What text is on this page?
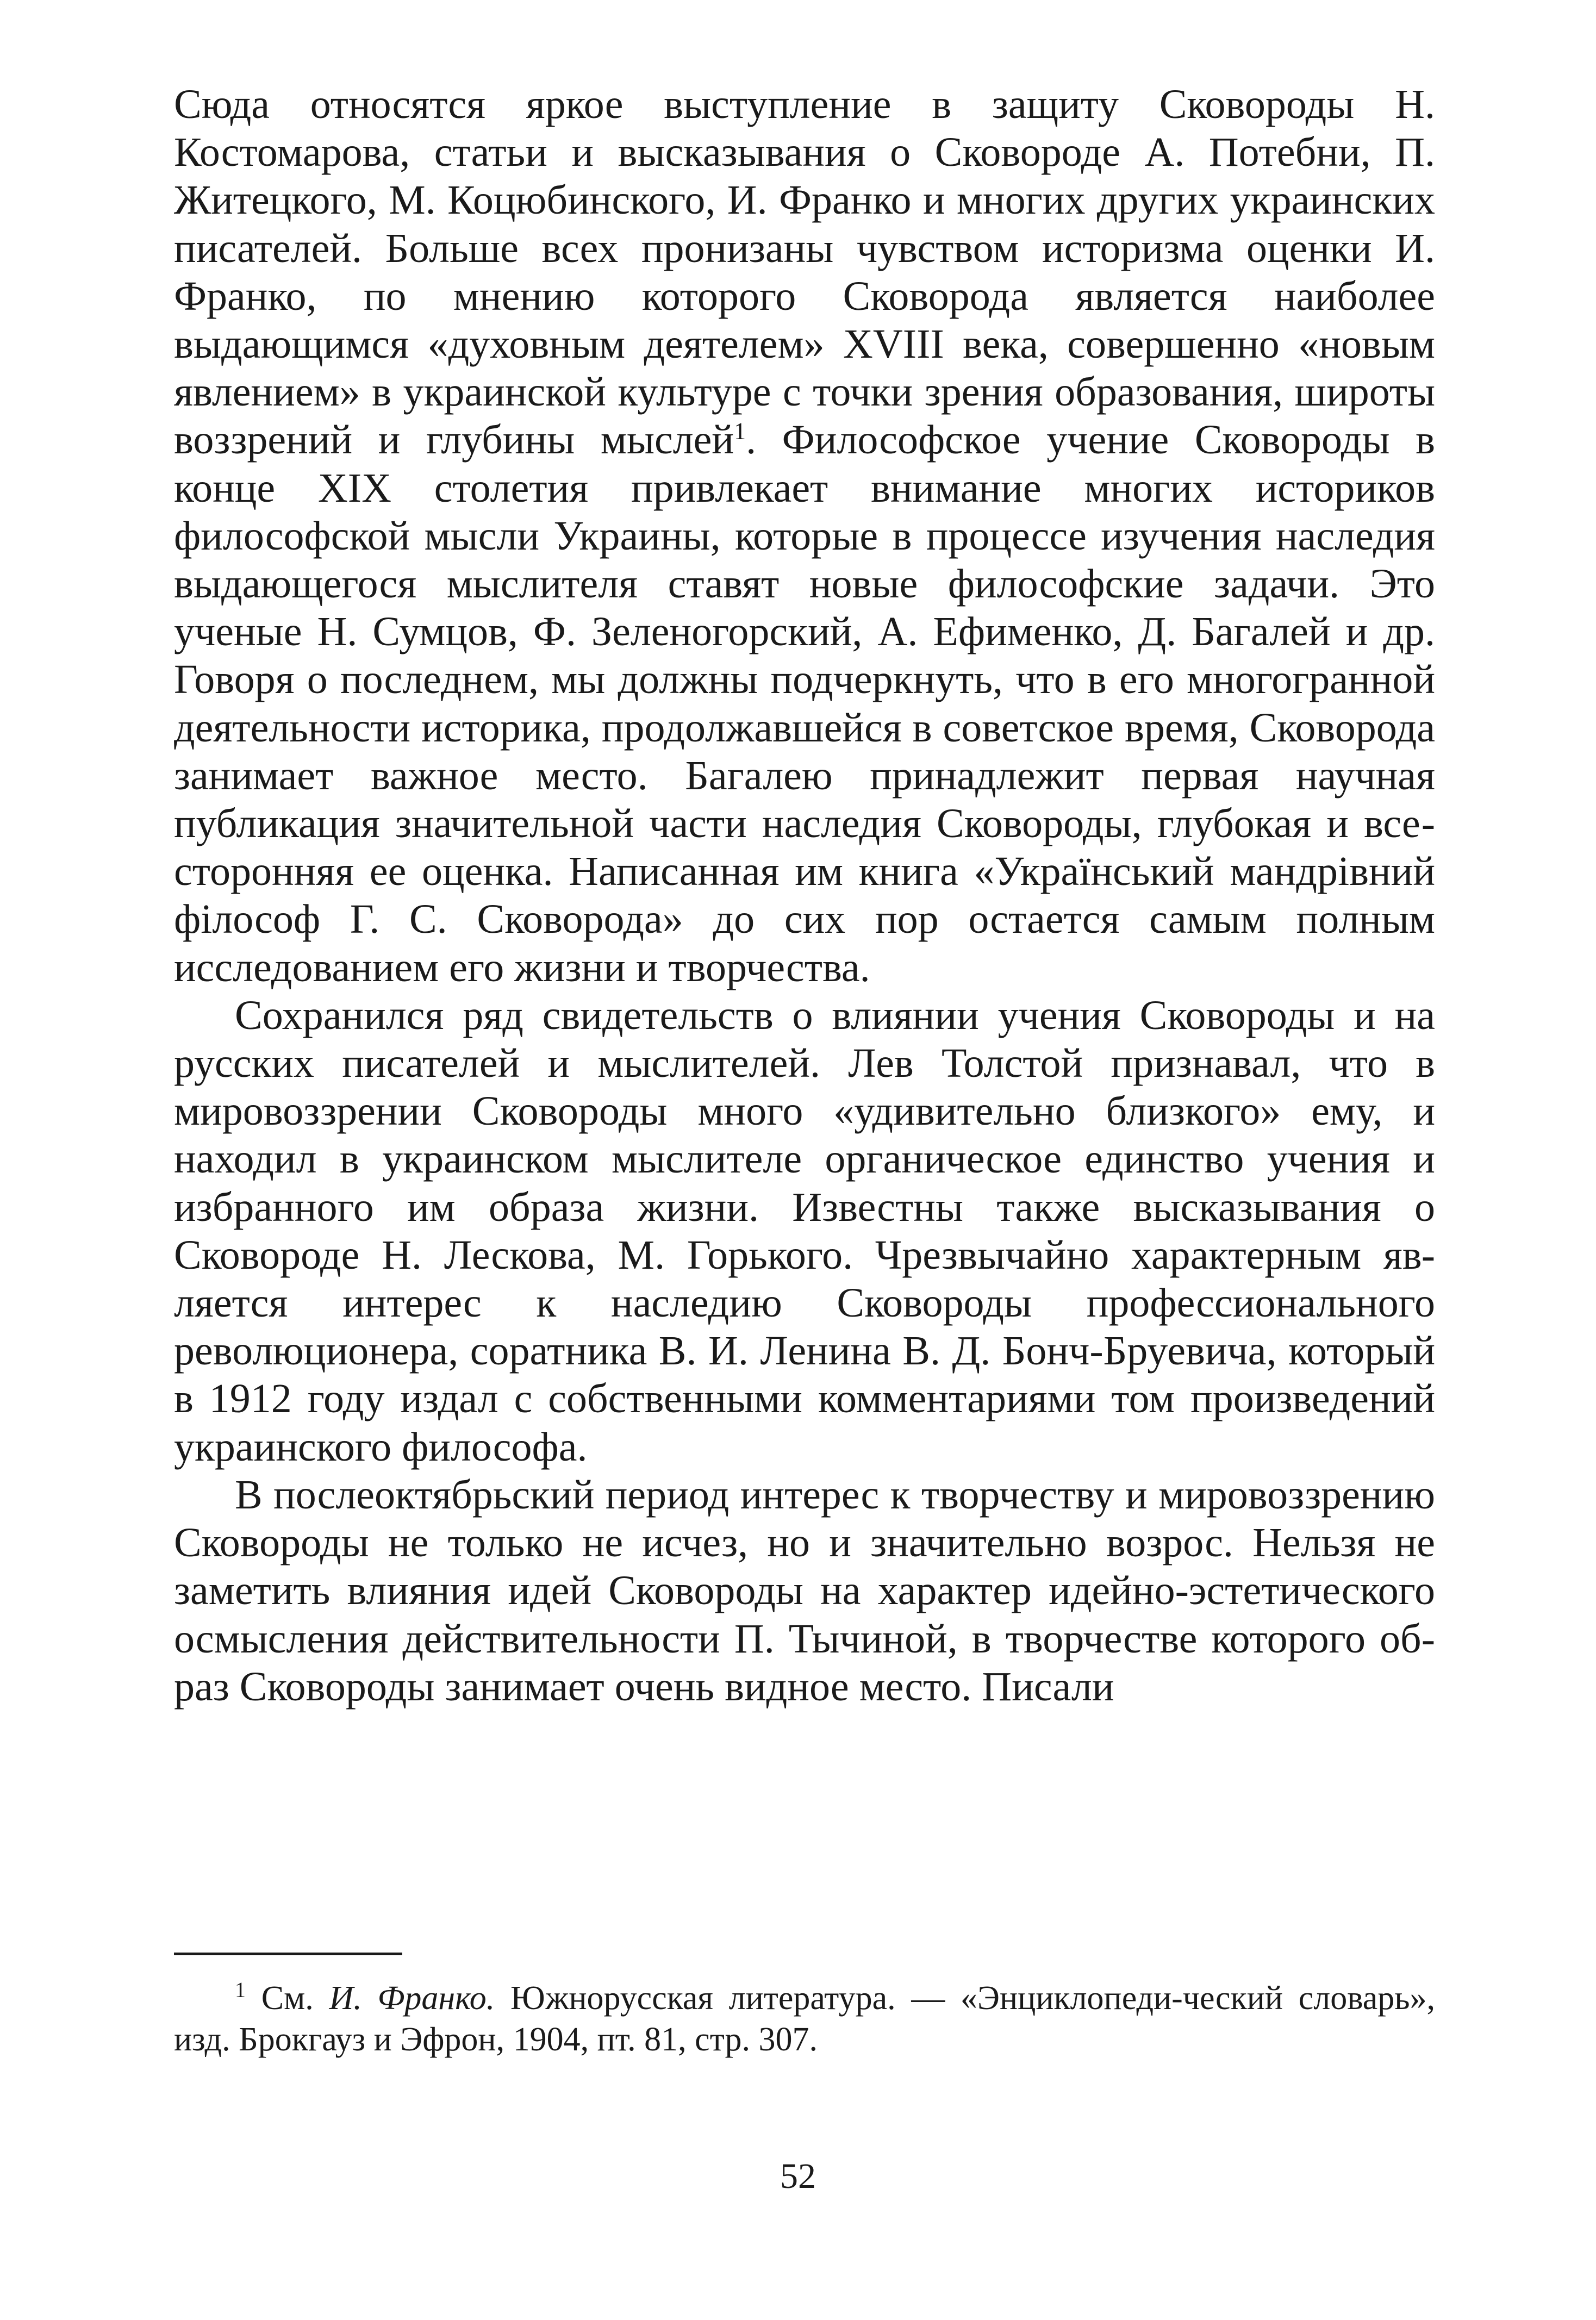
Сюда относятся яркое выступление в защиту Сковороды Н. Костомарова, статьи и высказывания о Сковороде А. Потебни, П. Житецкого, М. Коцюбинского, И. Франко и многих других украинских писателей. Больше всех пронизаны чувством историзма оценки И. Франко, по мнению которого Сковорода является наиболее выдающимся «духовным деятелем» XVIII века, совершенно «новым явлением» в украинской культуре с точки зрения образования, широты воззрений и глубины мыслей$^1$. Философское учение Сковороды в конце XIX столетия привлекает внимание многих историков философской мысли Украины, которые в процессе изучения наследия выдающегося мыслителя ставят новые философские задачи. Это ученые Н. Сумцов, Ф. Зеленогорский, А. Ефименко, Д. Багалей и др. Говоря о последнем, мы должны подчеркнуть, что в его многогранной деятельности историка, продолжавшейся в советское время, Сковорода занимает важное место. Багалею принадлежит первая научная публикация значительной части наследия Сковороды, глубокая и всесторонняя ее оценка. Написанная им книга «Український мандрівний філософ Г. С. Сковорода» до сих пор остается самым полным исследованием его жизни и творчества.

Сохранился ряд свидетельств о влиянии учения Сковороды и на русских писателей и мыслителей. Лев Толстой признавал, что в мировоззрении Сковороды много «удивительно близкого» ему, и находил в украинском мыслителе органическое единство учения и избранного им образа жизни. Известны также высказывания о Сковороде Н. Лескова, М. Горького. Чрезвычайно характерным является интерес к наследию Сковороды профессионального революционера, соратника В. И. Ленина В. Д. Бонч-Бруевича, который в 1912 году издал с собственными комментариями том произведений украинского философа.

В послеоктябрьский период интерес к творчеству и мировоззрению Сковороды не только не исчез, но и значительно возрос. Нельзя не заметить влияния идей Сковороды на характер идейно-эстетического осмысления действительности П. Тычиной, в творчестве которого образ Сковороды занимает очень видное место. Писали

$^1$ См. И. Франко. Южнорусская литература. — «Энциклопеди-ческий словарь», изд. Брокгауз и Эфрон, 1904, пт. 81, стр. 307.

52
